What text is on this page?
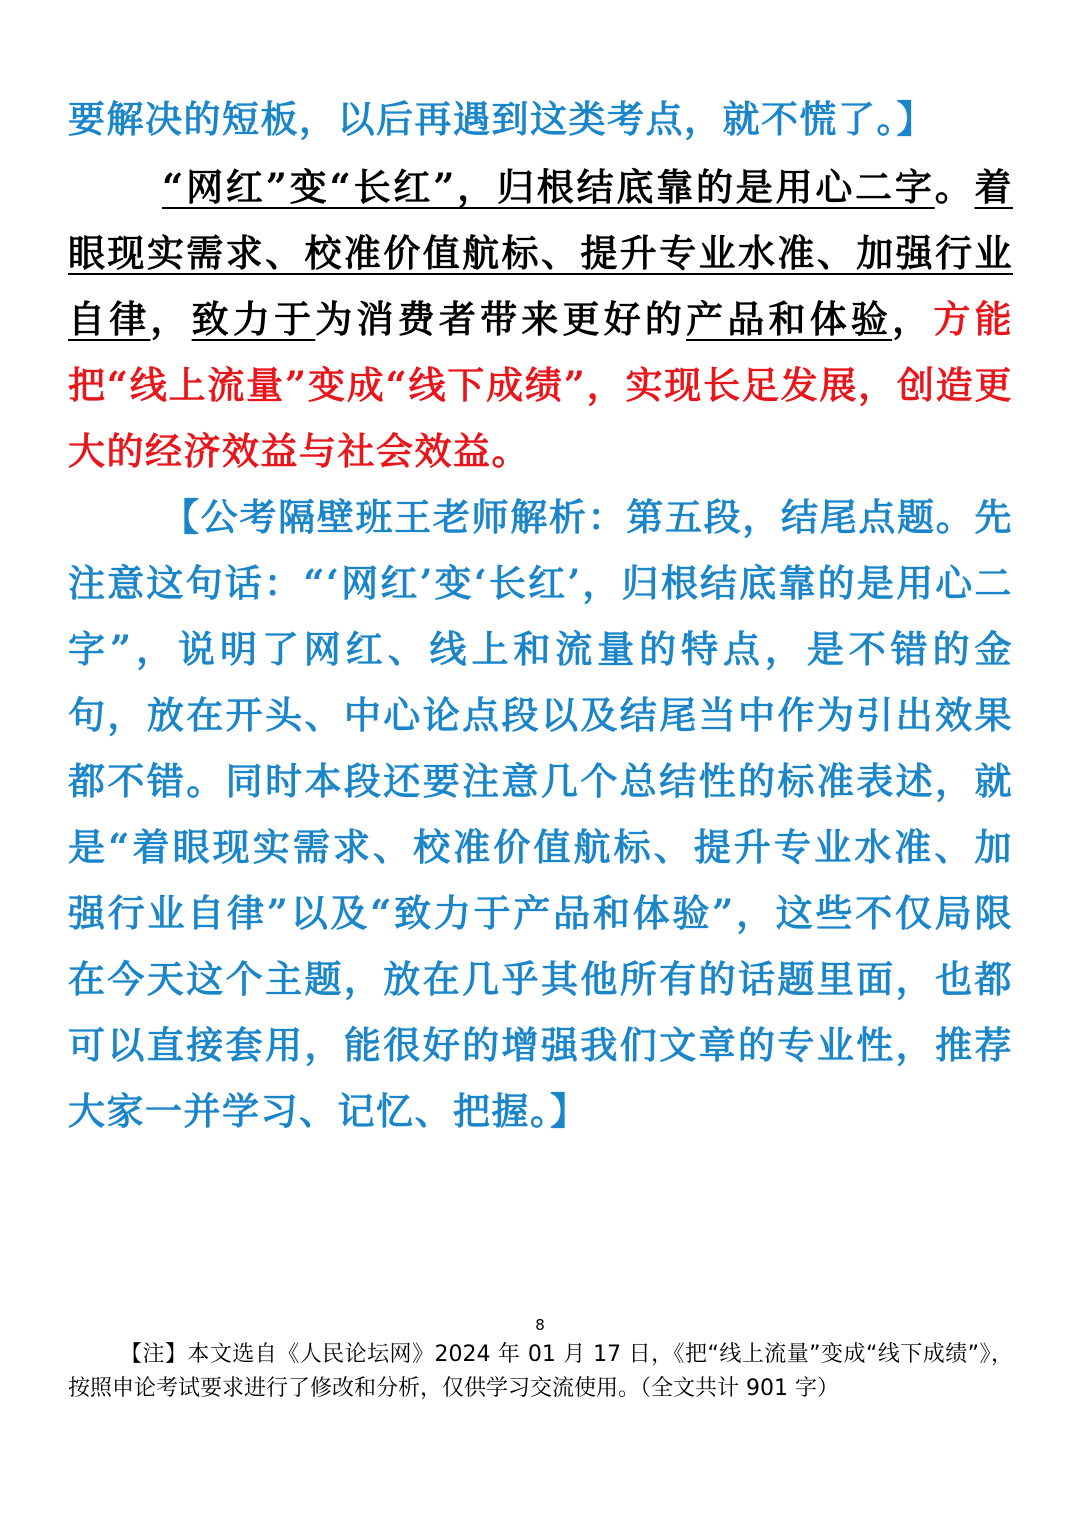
要解决的短板，以后再遇到这类考点，就不慌了。】

“网红”变“长红”，归根结底靠的是用心二字。着眼现实需求、校准价值航标、提升专业水准、加强行业自律，致力于为消费者带来更好的产品和体验，方能把“线上流量”变成“线下成绩”，实现长足发展，创造更大的经济效益与社会效益。

【公考隔壁班王老师解析：第五段，结尾点题。先注意这句话：“‘网红’变‘长红’，归根结底靠的是用心二字”，说明了网红、线上和流量的特点，是不错的金句，放在开头、中心论点段以及结尾当中作为引出效果都不错。同时本段还要注意几个总结性的标准表述，就是“着眼现实需求、校准价值航标、提升专业水准、加强行业自律”以及“致力于产品和体验”，这些不仅局限在今天这个主题，放在几乎其他所有的话题里面，也都可以直接套用，能很好的增强我们文章的专业性，推荐大家一并学习、记忆、把握。】

8

【注】本文选自《人民论坛网》2024 年 01 月 17 日，《把“线上流量”变成“线下成绩”》，按照申论考试要求进行了修改和分析，仅供学习交流使用。（全文共计 901 字）
